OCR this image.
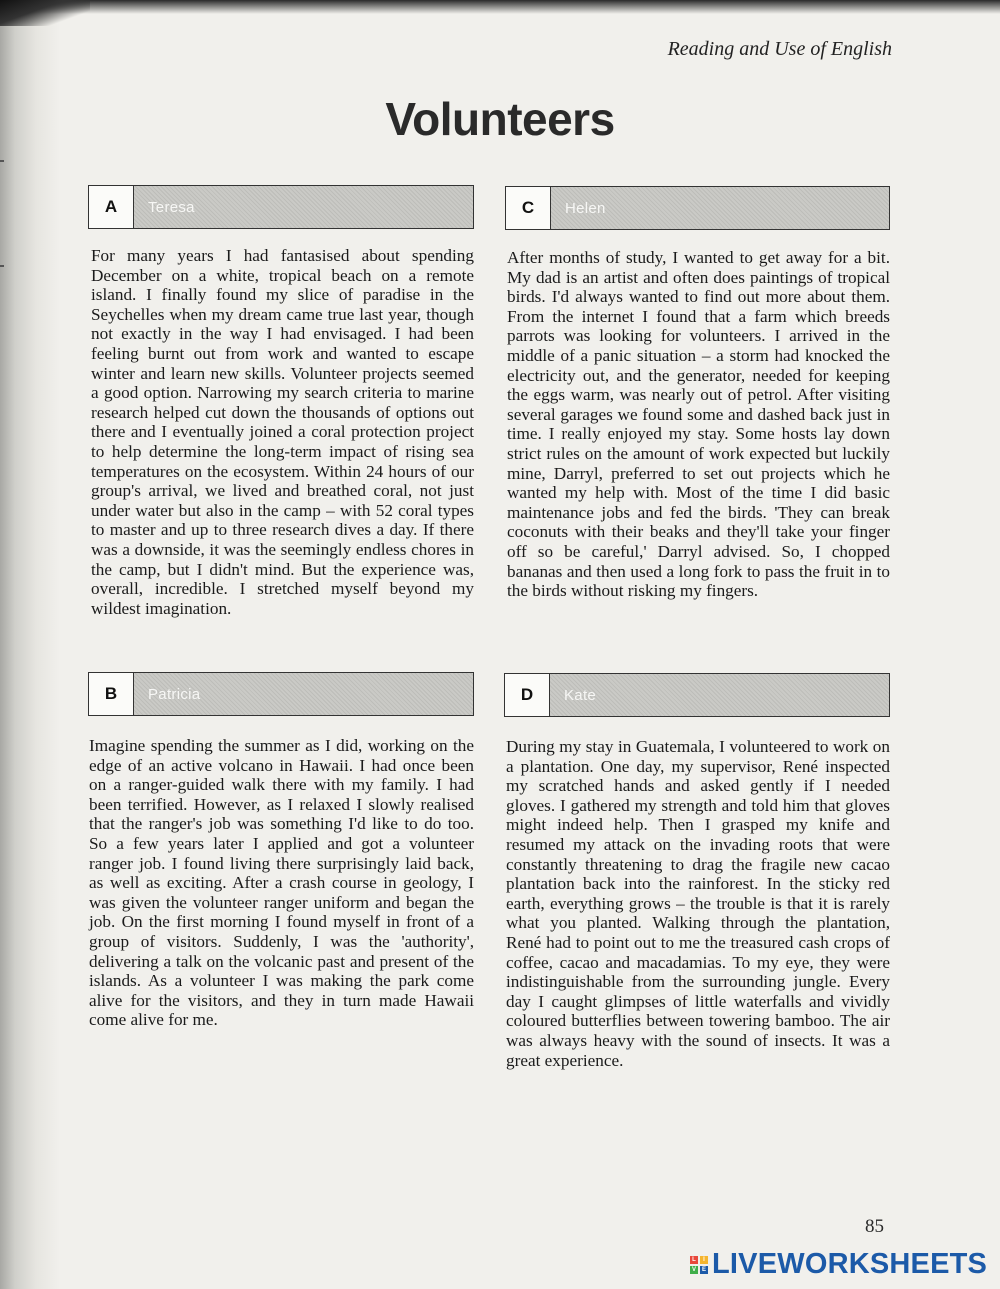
Reading and Use of English
Volunteers
A	Teresa
For many years I had fantasised about spending December on a white, tropical beach on a remote island. I finally found my slice of paradise in the Seychelles when my dream came true last year, though not exactly in the way I had envisaged. I had been feeling burnt out from work and wanted to escape winter and learn new skills. Volunteer projects seemed a good option. Narrowing my search criteria to marine research helped cut down the thousands of options out there and I eventually joined a coral protection project to help determine the long-term impact of rising sea temperatures on the ecosystem. Within 24 hours of our group's arrival, we lived and breathed coral, not just under water but also in the camp – with 52 coral types to master and up to three research dives a day. If there was a downside, it was the seemingly endless chores in the camp, but I didn't mind. But the experience was, overall, incredible. I stretched myself beyond my wildest imagination.
B	Patricia
Imagine spending the summer as I did, working on the edge of an active volcano in Hawaii. I had once been on a ranger-guided walk there with my family. I had been terrified. However, as I relaxed I slowly realised that the ranger's job was something I'd like to do too. So a few years later I applied and got a volunteer ranger job. I found living there surprisingly laid back, as well as exciting. After a crash course in geology, I was given the volunteer ranger uniform and began the job. On the first morning I found myself in front of a group of visitors. Suddenly, I was the 'authority', delivering a talk on the volcanic past and present of the islands. As a volunteer I was making the park come alive for the visitors, and they in turn made Hawaii come alive for me.
C	Helen
After months of study, I wanted to get away for a bit. My dad is an artist and often does paintings of tropical birds. I'd always wanted to find out more about them. From the internet I found that a farm which breeds parrots was looking for volunteers. I arrived in the middle of a panic situation – a storm had knocked the electricity out, and the generator, needed for keeping the eggs warm, was nearly out of petrol. After visiting several garages we found some and dashed back just in time. I really enjoyed my stay. Some hosts lay down strict rules on the amount of work expected but luckily mine, Darryl, preferred to set out projects which he wanted my help with. Most of the time I did basic maintenance jobs and fed the birds. 'They can break coconuts with their beaks and they'll take your finger off so be careful,' Darryl advised. So, I chopped bananas and then used a long fork to pass the fruit in to the birds without risking my fingers.
D	Kate
During my stay in Guatemala, I volunteered to work on a plantation. One day, my supervisor, René inspected my scratched hands and asked gently if I needed gloves. I gathered my strength and told him that gloves might indeed help. Then I grasped my knife and resumed my attack on the invading roots that were constantly threatening to drag the fragile new cacao plantation back into the rainforest. In the sticky red earth, everything grows – the trouble is that it is rarely what you planted. Walking through the plantation, René had to point out to me the treasured cash crops of coffee, cacao and macadamias. To my eye, they were indistinguishable from the surrounding jungle. Every day I caught glimpses of little waterfalls and vividly coloured butterflies between towering bamboo. The air was always heavy with the sound of insects. It was a great experience.
85
L	I
V E LIVEWORKSHEETS
